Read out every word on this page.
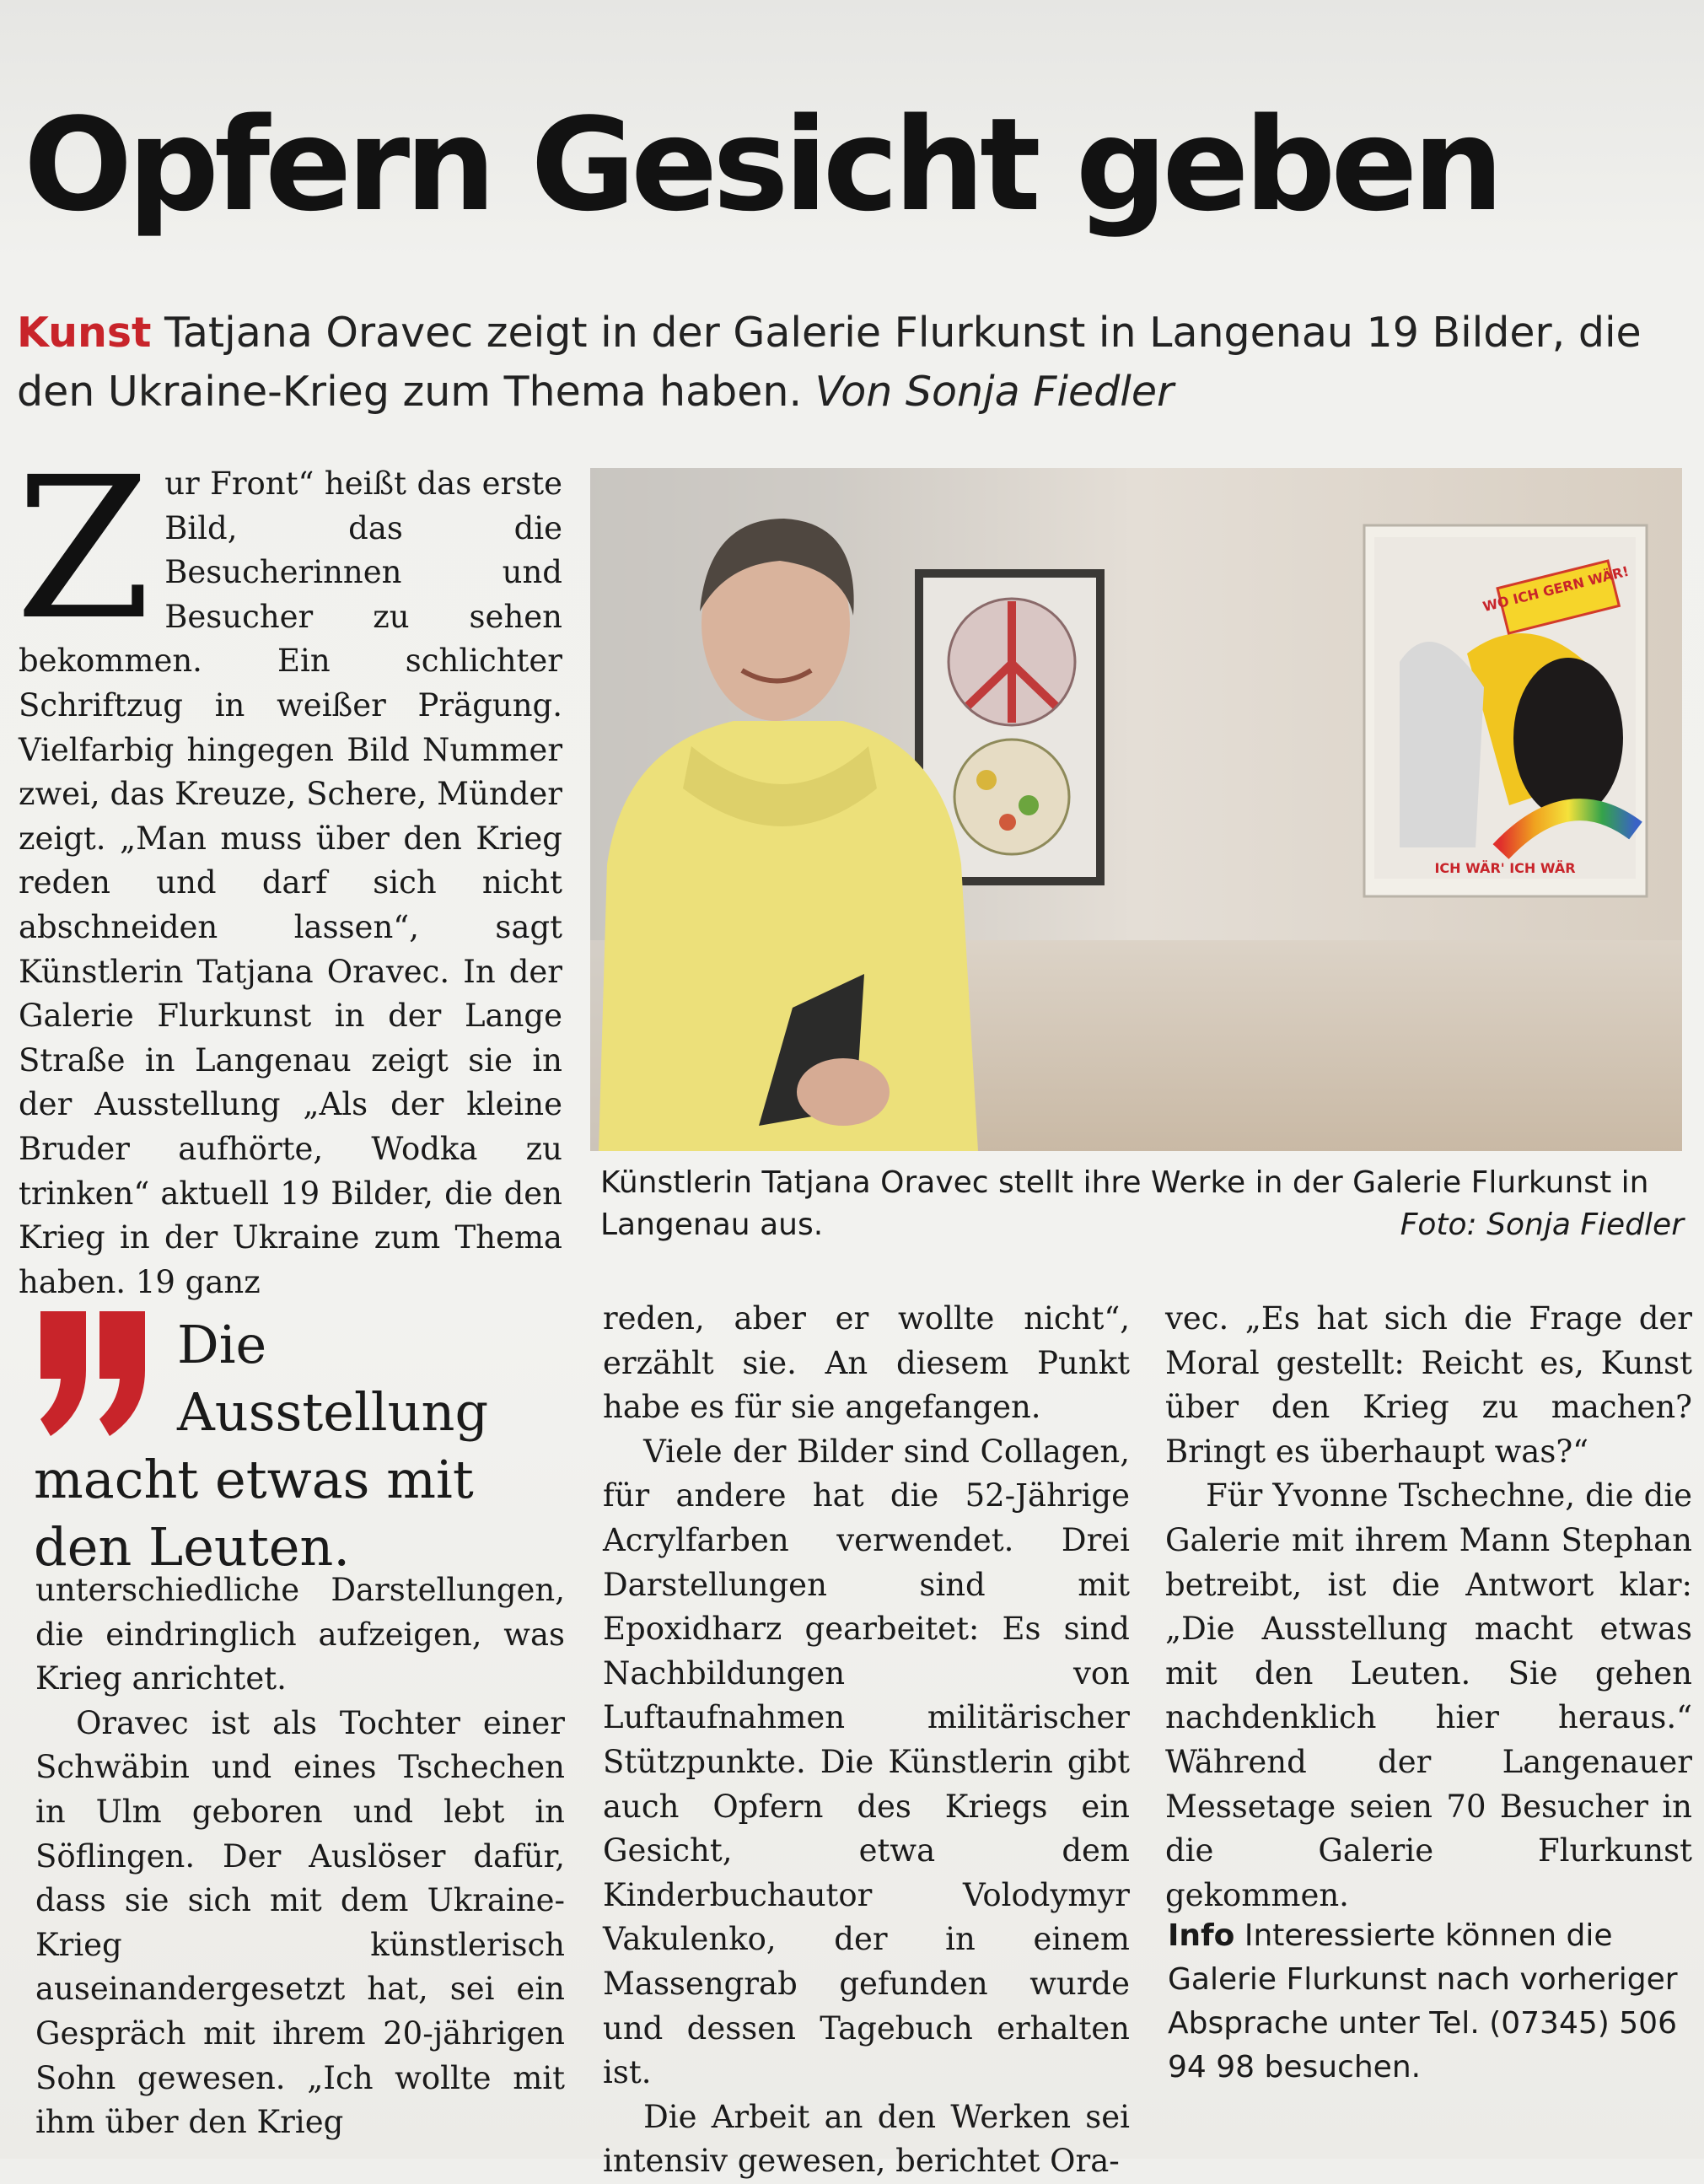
Opfern Gesicht geben
Kunst Tatjana Oravec zeigt in der Galerie Flurkunst in Langenau 19 Bilder, die den Ukraine-Krieg zum Thema haben. Von Sonja Fiedler
Z ur Front“ heißt das erste Bild, das die Besucherinnen und Besucher zu sehen bekommen. Ein schlichter Schriftzug in weißer Prägung. Vielfarbig hingegen Bild Nummer zwei, das Kreuze, Schere, Münder zeigt. „Man muss über den Krieg reden und darf sich nicht abschneiden lassen“, sagt Künstlerin Tatjana Oravec. In der Galerie Flurkunst in der Lange Straße in Langenau zeigt sie in der Ausstellung „Als der kleine Bruder aufhörte, Wodka zu trinken“ aktuell 19 Bilder, die den Krieg in der Ukraine zum Thema haben. 19 ganz

WO ICH GERN WÄR!
ICH WÄR' ICH WÄR
Künstlerin Tatjana Oravec stellt ihre Werke in der Galerie Flurkunst in Langenau aus.	Foto: Sonja Fiedler
Die Ausstellung macht etwas mit den Leuten.

unterschiedliche Darstellungen, die eindringlich aufzeigen, was Krieg anrichtet.

Oravec ist als Tochter einer Schwäbin und eines Tschechen in Ulm geboren und lebt in Söflingen. Der Auslöser dafür, dass sie sich mit dem Ukraine-Krieg künstlerisch auseinandergesetzt hat, sei ein Gespräch mit ihrem 20-jährigen Sohn gewesen. „Ich wollte mit ihm über den Krieg

reden, aber er wollte nicht“, erzählt sie. An diesem Punkt habe es für sie angefangen.

Viele der Bilder sind Collagen, für andere hat die 52-Jährige Acrylfarben verwendet. Drei Darstellungen sind mit Epoxidharz gearbeitet: Es sind Nachbildungen von Luftaufnahmen militärischer Stützpunkte. Die Künstlerin gibt auch Opfern des Kriegs ein Gesicht, etwa dem Kinderbuchautor Volodymyr Vakulenko, der in einem Massengrab gefunden wurde und dessen Tagebuch erhalten ist.

Die Arbeit an den Werken sei intensiv gewesen, berichtet Ora-

vec. „Es hat sich die Frage der Moral gestellt: Reicht es, Kunst über den Krieg zu machen? Bringt es überhaupt was?“

Für Yvonne Tschechne, die die Galerie mit ihrem Mann Stephan betreibt, ist die Antwort klar: „Die Ausstellung macht etwas mit den Leuten. Sie gehen nachdenklich hier heraus.“ Während der Langenauer Messetage seien 70 Besucher in die Galerie Flurkunst gekommen.

Info Interessierte können die Galerie Flurkunst nach vorheriger Absprache unter Tel. (07345) 506 94 98 besuchen.
